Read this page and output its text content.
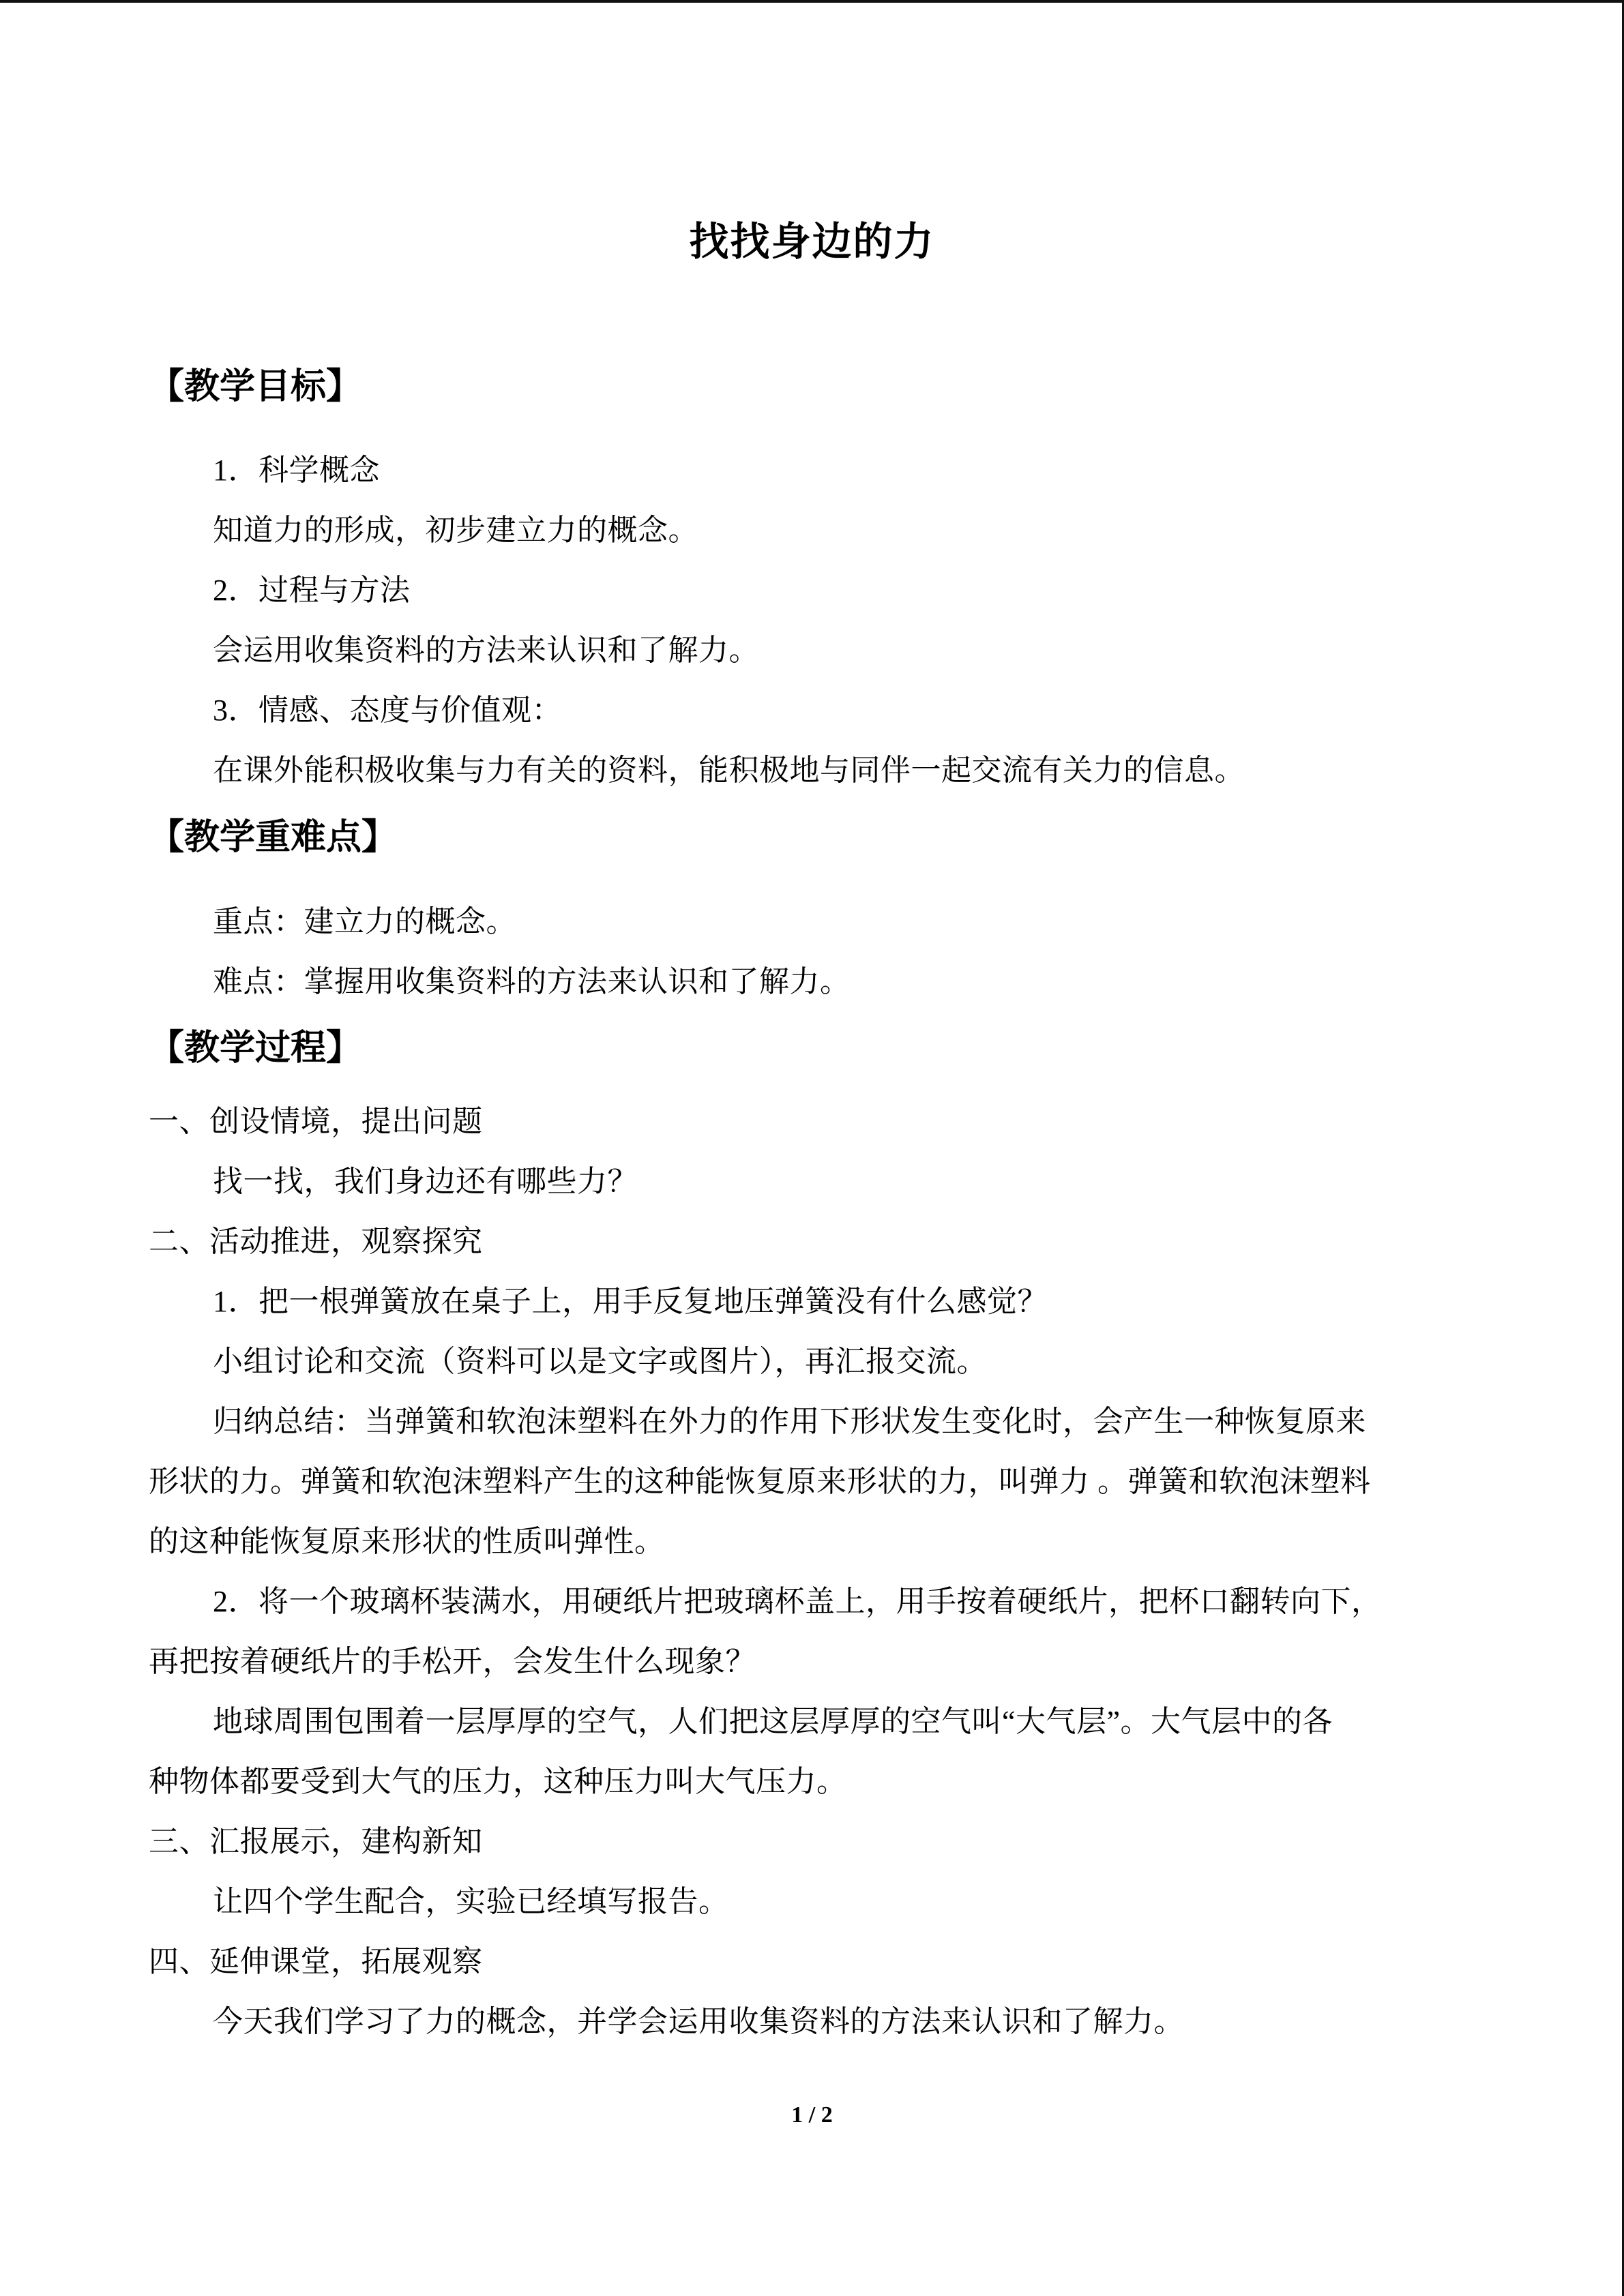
找找身边的力
【教学目标】
1．科学概念
知道力的形成，初步建立力的概念。
2．过程与方法
会运用收集资料的方法来认识和了解力。
3．情感、态度与价值观：
在课外能积极收集与力有关的资料，能积极地与同伴一起交流有关力的信息。
【教学重难点】
重点：建立力的概念。
难点：掌握用收集资料的方法来认识和了解力。
【教学过程】
一、创设情境，提出问题
找一找，我们身边还有哪些力？
二、活动推进，观察探究
1．把一根弹簧放在桌子上，用手反复地压弹簧没有什么感觉？
小组讨论和交流（资料可以是文字或图片），再汇报交流。
归纳总结：当弹簧和软泡沫塑料在外力的作用下形状发生变化时，会产生一种恢复原来
形状的力。弹簧和软泡沫塑料产生的这种能恢复原来形状的力，叫弹力 。弹簧和软泡沫塑料
的这种能恢复原来形状的性质叫弹性。
2．将一个玻璃杯装满水，用硬纸片把玻璃杯盖上，用手按着硬纸片，把杯口翻转向下，
再把按着硬纸片的手松开，会发生什么现象？
地球周围包围着一层厚厚的空气，人们把这层厚厚的空气叫“大气层”。大气层中的各
种物体都要受到大气的压力，这种压力叫大气压力。
三、汇报展示，建构新知
让四个学生配合，实验已经填写报告。
四、延伸课堂，拓展观察
今天我们学习了力的概念，并学会运用收集资料的方法来认识和了解力。
1 / 2
